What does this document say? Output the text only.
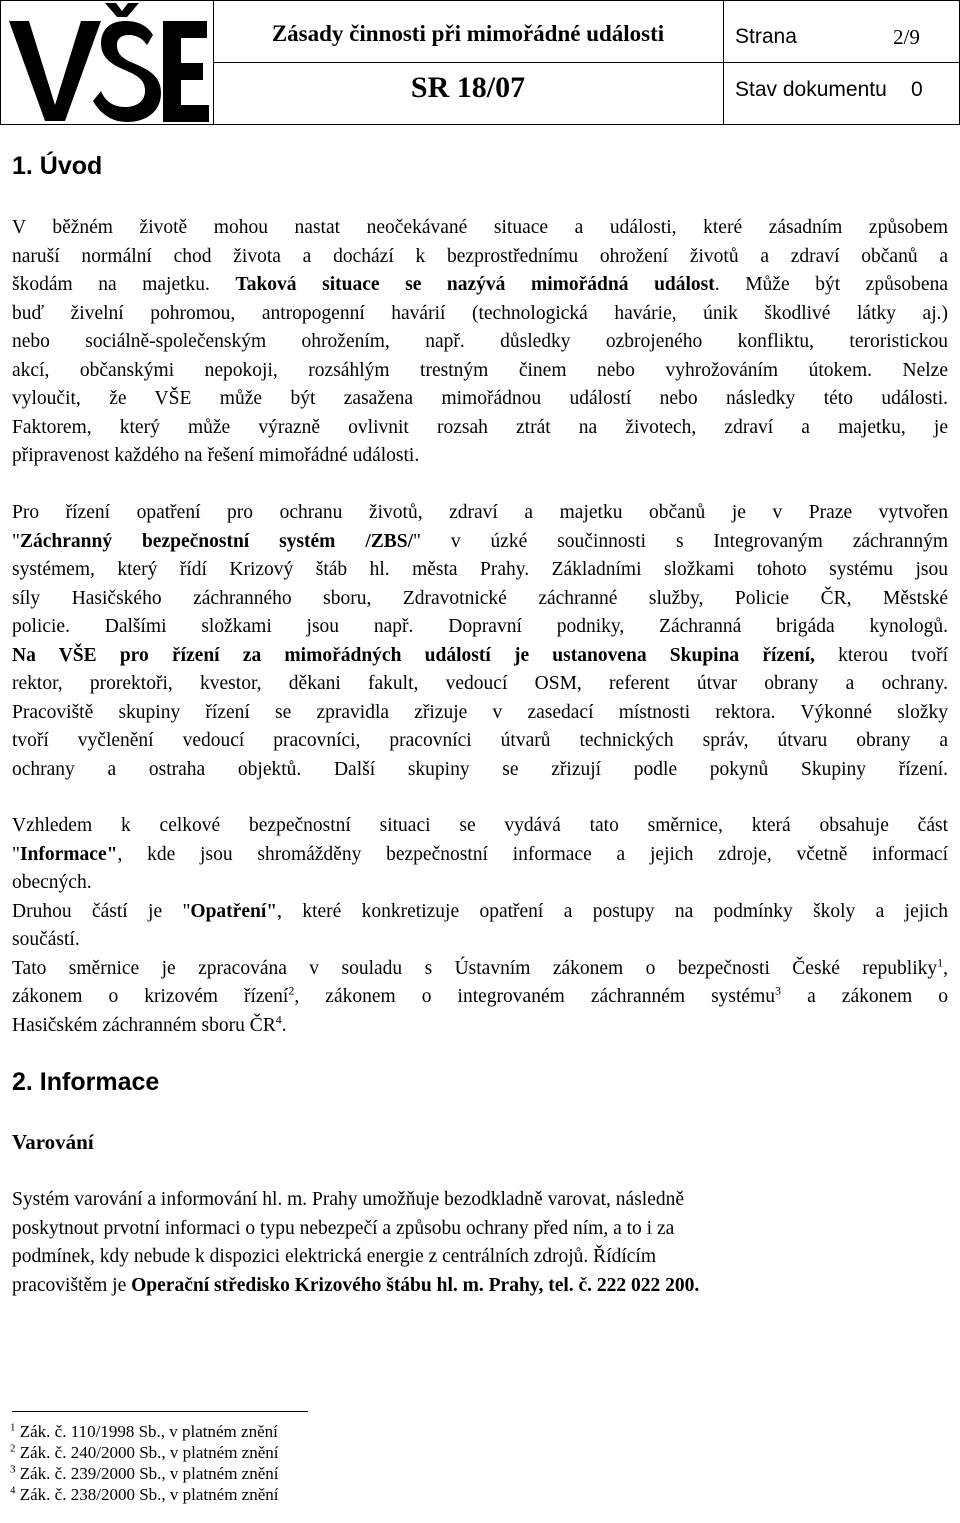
Zásady činnosti při mimořádné události
SR 18/07
Strana	2/9
Stav dokumentu 0
1. Úvod
V běžném životě mohou nastat neočekávané situace a události, které zásadním způsobem
naruší normální chod života a dochází k bezprostřednímu ohrožení životů a zdraví občanů a
škodám na majetku. Taková situace se nazývá mimořádná událost. Může být způsobena
buď živelní pohromou, antropogenní havárií (technologická havárie, únik škodlivé látky aj.)
nebo sociálně-společenským ohrožením, např. důsledky ozbrojeného konfliktu, teroristickou
akcí, občanskými nepokoji, rozsáhlým trestným činem nebo vyhrožováním útokem. Nelze
vyloučit, že VŠE může být zasažena mimořádnou událostí nebo následky této události.
Faktorem, který může výrazně ovlivnit rozsah ztrát na životech, zdraví a majetku, je
připravenost každého na řešení mimořádné události.
Pro řízení opatření pro ochranu životů, zdraví a majetku občanů je v Praze vytvořen
"Záchranný bezpečnostní systém /ZBS/" v úzké součinnosti s Integrovaným záchranným
systémem, který řídí Krizový štáb hl. města Prahy. Základními složkami tohoto systému jsou
síly Hasičského záchranného sboru, Zdravotnické záchranné služby, Policie ČR, Městské
policie. Dalšími složkami jsou např. Dopravní podniky, Záchranná brigáda kynologů.
Na VŠE pro řízení za mimořádných událostí je ustanovena Skupina řízení, kterou tvoří
rektor, prorektoři, kvestor, děkani fakult, vedoucí OSM, referent útvar obrany a ochrany.
Pracoviště skupiny řízení se zpravidla zřizuje v zasedací místnosti rektora. Výkonné složky
tvoří vyčlenění vedoucí pracovníci, pracovníci útvarů technických správ, útvaru obrany a
ochrany a ostraha objektů. Další skupiny se zřizují podle pokynů Skupiny řízení.
Vzhledem k celkové bezpečnostní situaci se vydává tato směrnice, která obsahuje část
"Informace", kde jsou shromážděny bezpečnostní informace a jejich zdroje, včetně informací
obecných.
Druhou částí je "Opatření", které konkretizuje opatření a postupy na podmínky školy a jejich
součástí.
Tato směrnice je zpracována v souladu s Ústavním zákonem o bezpečnosti České republiky$^1$,
zákonem o krizovém řízení$^2$, zákonem o integrovaném záchranném systému$^3$ a zákonem o
Hasičském záchranném sboru $ČR^4$.
2. Informace
Varování
Systém varování a informování hl. m. Prahy umožňuje bezodkladně varovat, následně
poskytnout prvotní informaci o typu nebezpečí a způsobu ochrany před ním, a to i za
podmínek, kdy nebude k dispozici elektrická energie z centrálních zdrojů. Řídícím
pracovištěm je Operační středisko Krizového štábu hl. m. Prahy, tel. č. 222 022 200.
$^1$ Zák. č. 110/1998 Sb., v platném znění
$^2$ Zák. č. 240/2000 Sb., v platném znění
$^3$ Zák. č. 239/2000 Sb., v platném znění
$^4$ Zák. č. 238/2000 Sb., v platném znění
